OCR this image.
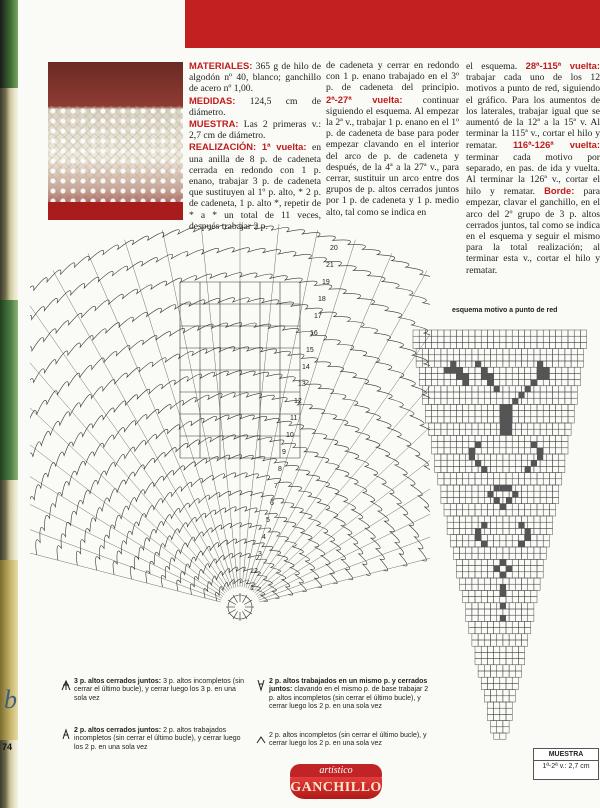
b
74
MATERIALES: 365 g de hilo de algodón nº 40, blanco; ganchillo de acero nº 1,00.
MEDIDAS: 124,5 cm de diámetro.
MUESTRA: Las 2 primeras v.: 2,7 cm de diámetro.
REALIZACIÓN: 1ª vuelta: en una anilla de 8 p. de cadeneta cerrada en redondo con 1 p. enano, trabajar 3 p. de cadeneta que sustituyen al 1º p. alto, * 2 p. de cadeneta, 1 p. alto *, repetir de * a * un total de 11 veces, después trabajar 2 p.
de cadeneta y cerrar en redondo con 1 p. enano trabajado en el 3º p. de cadeneta del principio. 2ª-27ª vuelta: continuar siguiendo el esquema. Al empezar la 2ª v., trabajar 1 p. enano en el 1º p. de cadeneta de base para poder empezar clavando en el interior del arco de p. de cadeneta y después, de la 4ª a la 27ª v., para cerrar, sustituir un arco entre dos grupos de p. altos cerrados juntos por 1 p. de cadeneta y 1 p. medio alto, tal como se indica en
el esquema. 28ª-115ª vuelta: trabajar cada uno de los 12 motivos a punto de red, siguiendo el gráfico. Para los aumentos de los laterales, trabajar igual que se aumentó de la 12ª a la 15ª v. Al terminar la 115ª v., cortar el hilo y rematar. 116ª-126ª vuelta: terminar cada motivo por separado, en pas. de ida y vuelta. Al terminar la 126ª v., cortar el hilo y rematar. Borde: para empezar, clavar el ganchillo, en el arco del 2º grupo de 3 p. altos cerrados juntos, tal como se indica en el esquema y seguir el mismo para la total realización; al terminar esta v., cortar el hilo y rematar.
20
21
19
18
17
16
15
14
13
12
11
10
9
8
7
6
5
4
3
2
1
esquema motivo a punto de red
3 p. altos cerrados juntos: 3 p. altos incompletos (sin cerrar el último bucle), y cerrar luego los 3 p. en una sola vez
2 p. altos cerrados juntos: 2 p. altos trabajados incompletos (sin cerrar el último bucle), y cerrar luego los 2 p. en una sola vez
2 p. altos trabajados en un mismo p. y cerrados juntos: clavando en el mismo p. de base trabajar 2 p. altos incompletos (sin cerrar el último bucle), y cerrar luego los 2 p. en una sola vez
2 p. altos incompletos (sin cerrar el último bucle), y cerrar luego los 2 p. en una sola vez
artístico
GANCHILLO
MUESTRA
1ª-2ª v.: 2,7 cm
